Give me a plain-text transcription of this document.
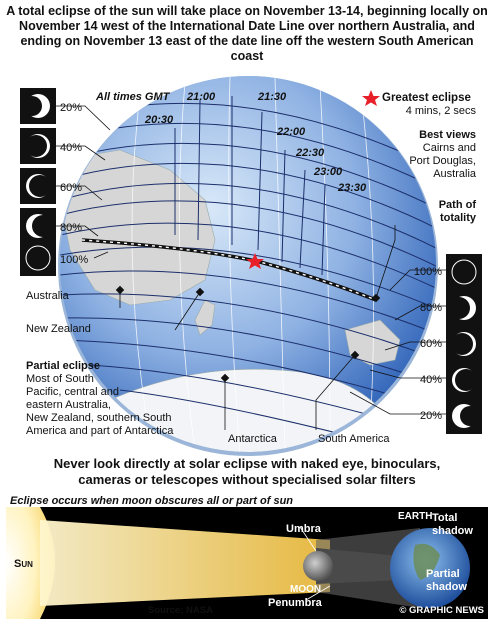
A total eclipse of the sun will take place on November 13-14, beginning locally on November 14 west of the International Date Line over northern Australia, and ending on November 13 east of the date line off the western South American coast
20%
40%
60%
80%
100%
100%
80%
60%
40%
20%
All times GMT 21:00	21:30
20:30
22:00
22:30
23:00
23:30
Greatest eclipse
4 mins, 2 secs
Best views
Cairns and
Port Douglas,
Australia
Path of
totality
Australia
New Zealand
Antarctica	South America
Partial eclipse
Most of South
Pacific, central and
eastern Australia,
New Zealand, southern South
America and part of Antarctica
Eclipse occurs when moon obscures all or part of sun
Sun
Umbra
EARTH Total
shadow
Partial
shadow
MOON
Penumbra
Source: NASA	© GRAPHIC NEWS
Never look directly at solar eclipse with naked eye, binoculars,
cameras or telescopes without specialised solar filters
